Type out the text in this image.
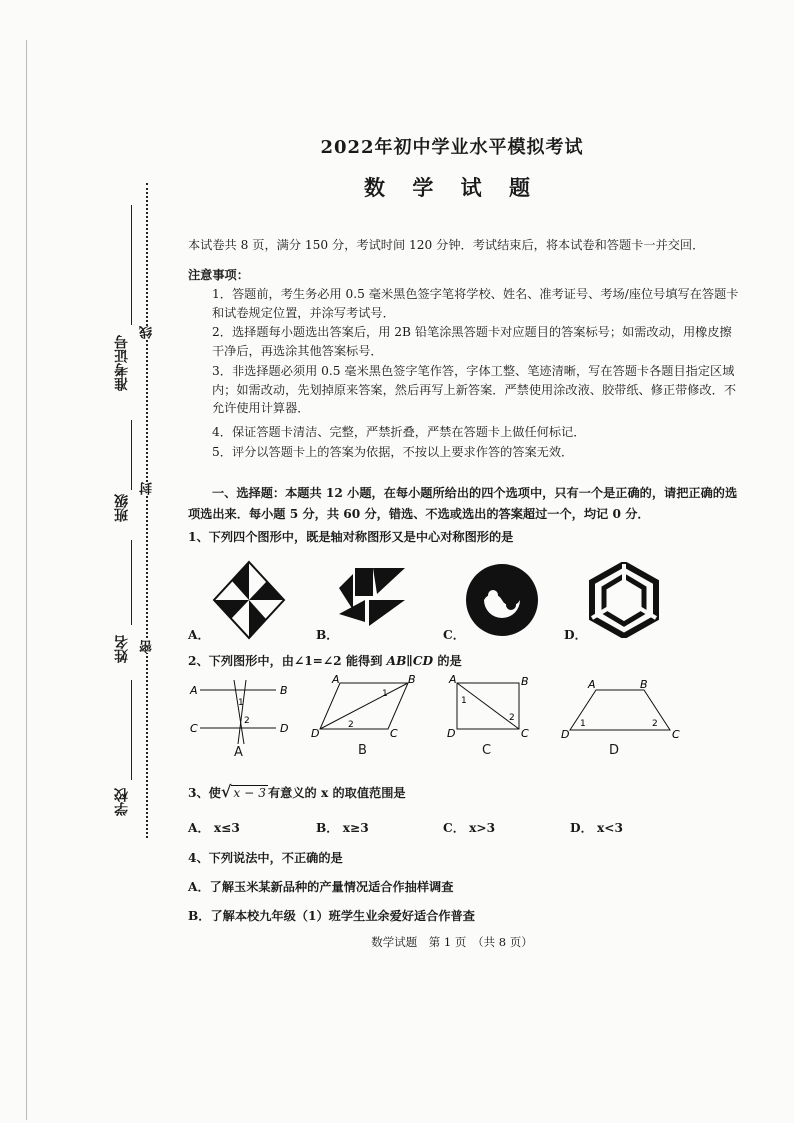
准考证号
班级
姓名
学校
线
封
密
2022年初中学业水平模拟考试
数 学 试 题
本试卷共 8 页，满分 150 分，考试时间 120 分钟．考试结束后，将本试卷和答题卡一并交回．
注意事项：
1．答题前，考生务必用 0.5 毫米黑色签字笔将学校、姓名、准考证号、考场/座位号填写在答题卡和试卷规定位置，并涂写考试号．
2．选择题每小题选出答案后，用 2B 铅笔涂黑答题卡对应题目的答案标号；如需改动，用橡皮擦干净后，再选涂其他答案标号．
3．非选择题必须用 0.5 毫米黑色签字笔作答，字体工整、笔迹清晰，写在答题卡各题目指定区域内；如需改动，先划掉原来答案，然后再写上新答案．严禁使用涂改液、胶带纸、修正带修改．不允许使用计算器．
4．保证答题卡清洁、完整，严禁折叠，严禁在答题卡上做任何标记．
5．评分以答题卡上的答案为依据，不按以上要求作答的答案无效．
一、选择题：本题共 12 小题，在每小题所给出的四个选项中，只有一个是正确的，请把正确的选项选出来．每小题 5 分，共 60 分，错选、不选或选出的答案超过一个，均记 0 分．
1、下列四个图形中，既是轴对称图形又是中心对称图形的是
A．	B．	C．	D．
2、下列图形中，由∠1=∠2 能得到 AB∥CD 的是
A	B
C	D
1
2
A
A	B
D	C
1
2
B
A	B
D	C
1
2
C
A	B
D	C
1	2
D
3、使√ x − 3 有意义的 x 的取值范围是
A． x≤3	B． x≥3	C． x>3	D． x<3
4、下列说法中，不正确的是
A．了解玉米某新品种的产量情况适合作抽样调查
B．了解本校九年级（1）班学生业余爱好适合作普查
数学试题　第 1 页　（共 8 页）
